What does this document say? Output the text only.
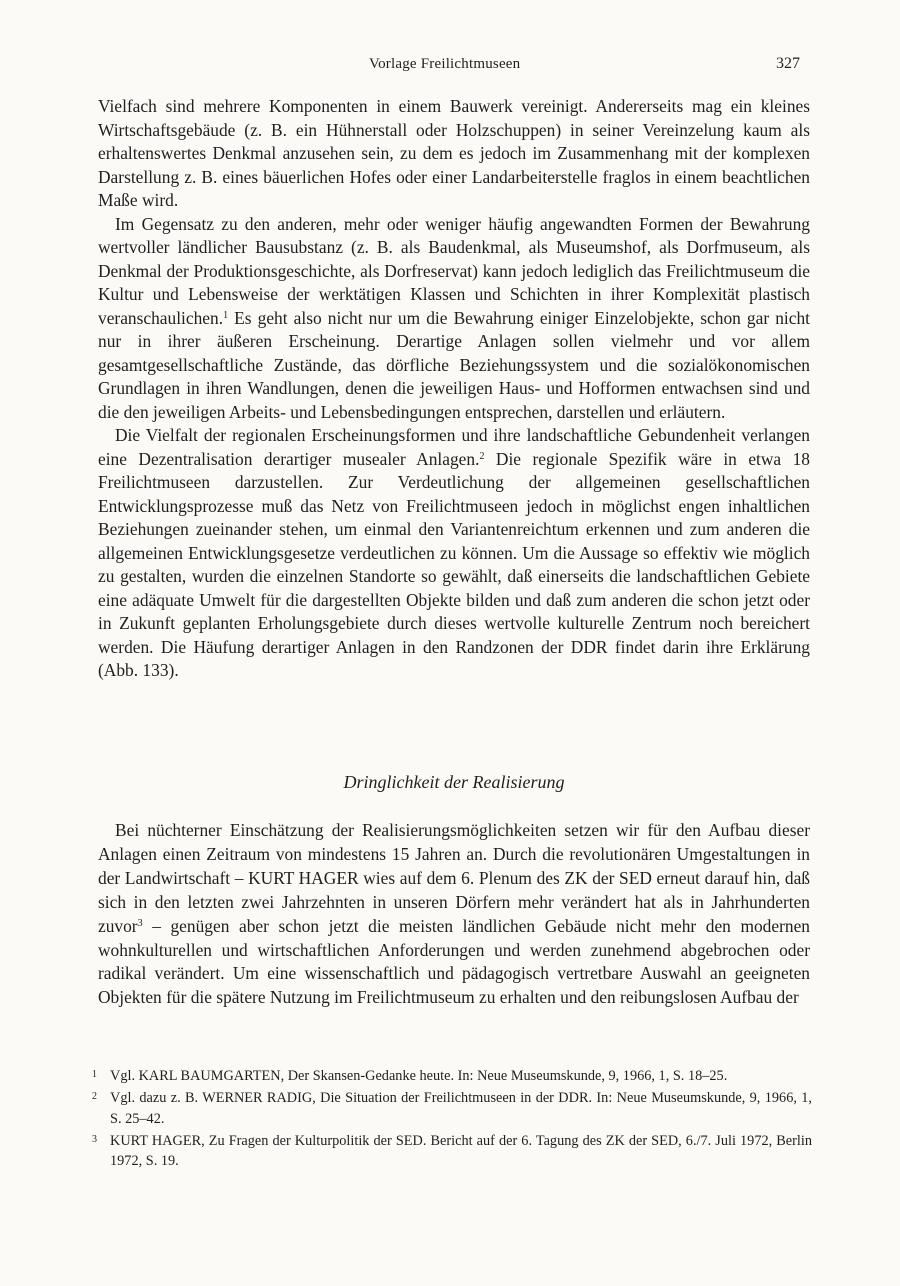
Vorlage Freilichtmuseen	327

Vielfach sind mehrere Komponenten in einem Bauwerk vereinigt. Andererseits mag ein kleines Wirtschaftsgebäude (z. B. ein Hühnerstall oder Holzschuppen) in seiner Vereinzelung kaum als erhaltenswertes Denkmal anzusehen sein, zu dem es jedoch im Zusammenhang mit der komplexen Darstellung z. B. eines bäuerlichen Hofes oder einer Landarbeiterstelle fraglos in einem beachtlichen Maße wird.

Im Gegensatz zu den anderen, mehr oder weniger häufig angewandten Formen der Bewahrung wertvoller ländlicher Bausubstanz (z. B. als Baudenkmal, als Museumshof, als Dorfmuseum, als Denkmal der Produktionsgeschichte, als Dorfreservat) kann jedoch lediglich das Freilichtmuseum die Kultur und Lebensweise der werktätigen Klassen und Schichten in ihrer Komplexität plastisch veranschaulichen.$^1$ Es geht also nicht nur um die Bewahrung einiger Einzelobjekte, schon gar nicht nur in ihrer äußeren Erscheinung. Derartige Anlagen sollen vielmehr und vor allem gesamtgesellschaftliche Zustände, das dörfliche Beziehungssystem und die sozialökonomischen Grundlagen in ihren Wandlungen, denen die jeweiligen Haus- und Hofformen entwachsen sind und die den jeweiligen Arbeits- und Lebensbedingungen entsprechen, darstellen und erläutern.

Die Vielfalt der regionalen Erscheinungsformen und ihre landschaftliche Gebundenheit verlangen eine Dezentralisation derartiger musealer Anlagen.$^2$ Die regionale Spezifik wäre in etwa 18 Freilichtmuseen darzustellen. Zur Verdeutlichung der allgemeinen gesellschaftlichen Entwicklungsprozesse muß das Netz von Freilichtmuseen jedoch in möglichst engen inhaltlichen Beziehungen zueinander stehen, um einmal den Variantenreichtum erkennen und zum anderen die allgemeinen Entwicklungsgesetze verdeutlichen zu können. Um die Aussage so effektiv wie möglich zu gestalten, wurden die einzelnen Standorte so gewählt, daß einerseits die landschaftlichen Gebiete eine adäquate Umwelt für die dargestellten Objekte bilden und daß zum anderen die schon jetzt oder in Zukunft geplanten Erholungsgebiete durch dieses wertvolle kulturelle Zentrum noch bereichert werden. Die Häufung derartiger Anlagen in den Randzonen der DDR findet darin ihre Erklärung (Abb. 133).

Dringlichkeit der Realisierung

Bei nüchterner Einschätzung der Realisierungsmöglichkeiten setzen wir für den Aufbau dieser Anlagen einen Zeitraum von mindestens 15 Jahren an. Durch die revolutionären Umgestaltungen in der Landwirtschaft – KURT HAGER wies auf dem 6. Plenum des ZK der SED erneut darauf hin, daß sich in den letzten zwei Jahrzehnten in unseren Dörfern mehr verändert hat als in Jahrhunderten zuvor$^3$ – genügen aber schon jetzt die meisten ländlichen Gebäude nicht mehr den modernen wohnkulturellen und wirtschaftlichen Anforderungen und werden zunehmend abgebrochen oder radikal verändert. Um eine wissenschaftlich und pädagogisch vertretbare Auswahl an geeigneten Objekten für die spätere Nutzung im Freilichtmuseum zu erhalten und den reibungslosen Aufbau der

1 Vgl. KARL BAUMGARTEN, Der Skansen-Gedanke heute. In: Neue Museumskunde, 9, 1966, 1, S. 18–25.
2 Vgl. dazu z. B. WERNER RADIG, Die Situation der Freilichtmuseen in der DDR. In: Neue Museumskunde, 9, 1966, 1, S. 25–42.
3 KURT HAGER, Zu Fragen der Kulturpolitik der SED. Bericht auf der 6. Tagung des ZK der SED, 6./7. Juli 1972, Berlin 1972, S. 19.
